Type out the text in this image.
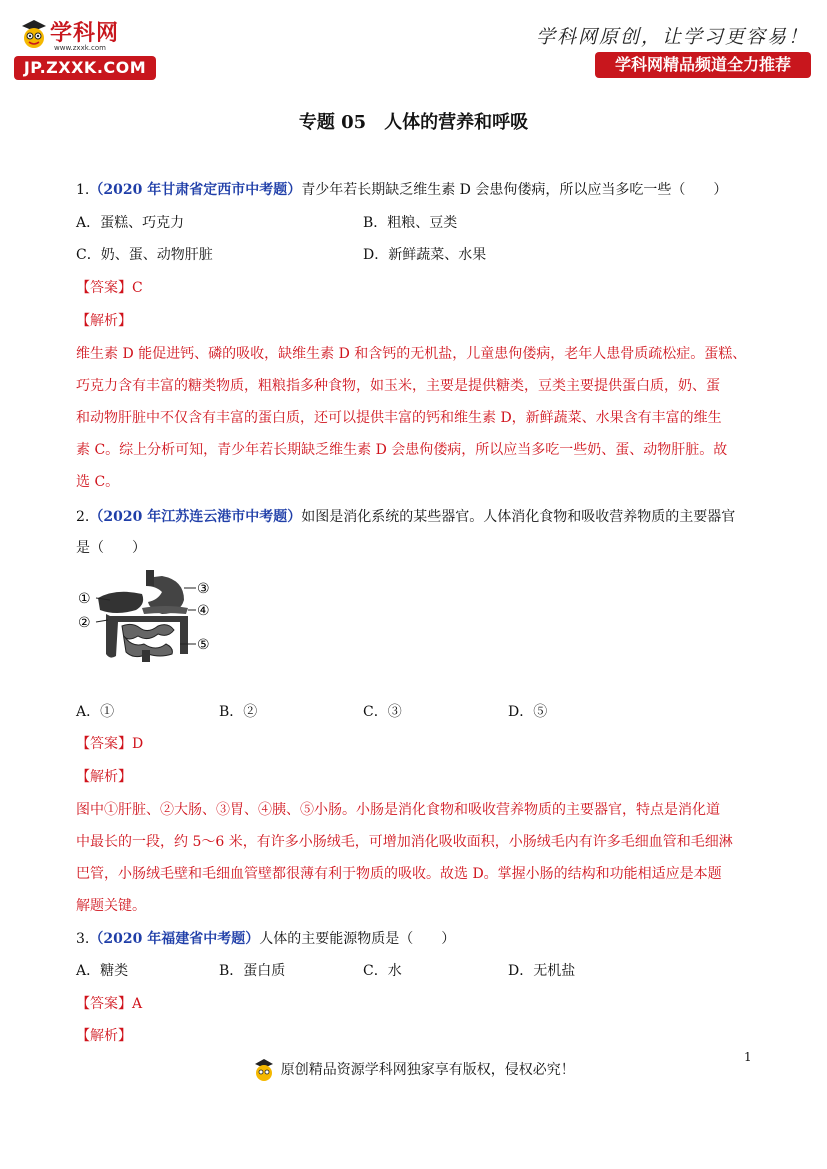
学科网
www.zxxk.com
JP.ZXXK.COM
学科网原创，让学习更容易！
学科网精品频道全力推荐
专题 05　人体的营养和呼吸
1.（2020 年甘肃省定西市中考题）青少年若长期缺乏维生素 D 会患佝偻病，所以应当多吃一些（　　）
A．蛋糕、巧克力	B．粗粮、豆类
C．奶、蛋、动物肝脏	D．新鲜蔬菜、水果
【答案】C
【解析】
维生素 D 能促进钙、磷的吸收，缺维生素 D 和含钙的无机盐，儿童患佝偻病，老年人患骨质疏松症。蛋糕、
巧克力含有丰富的糖类物质，粗粮指多种食物，如玉米，主要是提供糖类，豆类主要提供蛋白质，奶、蛋
和动物肝脏中不仅含有丰富的蛋白质，还可以提供丰富的钙和维生素 D，新鲜蔬菜、水果含有丰富的维生
素 C。综上分析可知，青少年若长期缺乏维生素 D 会患佝偻病，所以应当多吃一些奶、蛋、动物肝脏。故
选 C。
2.（2020 年江苏连云港市中考题）如图是消化系统的某些器官。人体消化食物和吸收营养物质的主要器官
是（　　）
①
②
③
④
⑤
A．①	B．②	C．③	D．⑤
【答案】D
【解析】
图中①肝脏、②大肠、③胃、④胰、⑤小肠。小肠是消化食物和吸收营养物质的主要器官，特点是消化道
中最长的一段，约 5～6 米，有许多小肠绒毛，可增加消化吸收面积，小肠绒毛内有许多毛细血管和毛细淋
巴管，小肠绒毛壁和毛细血管壁都很薄有利于物质的吸收。故选 D。掌握小肠的结构和功能相适应是本题
解题关键。
3.（2020 年福建省中考题）人体的主要能源物质是（　　）
A．糖类	B．蛋白质	C．水	D．无机盐
【答案】A
【解析】
1
原创精品资源学科网独家享有版权，侵权必究！
